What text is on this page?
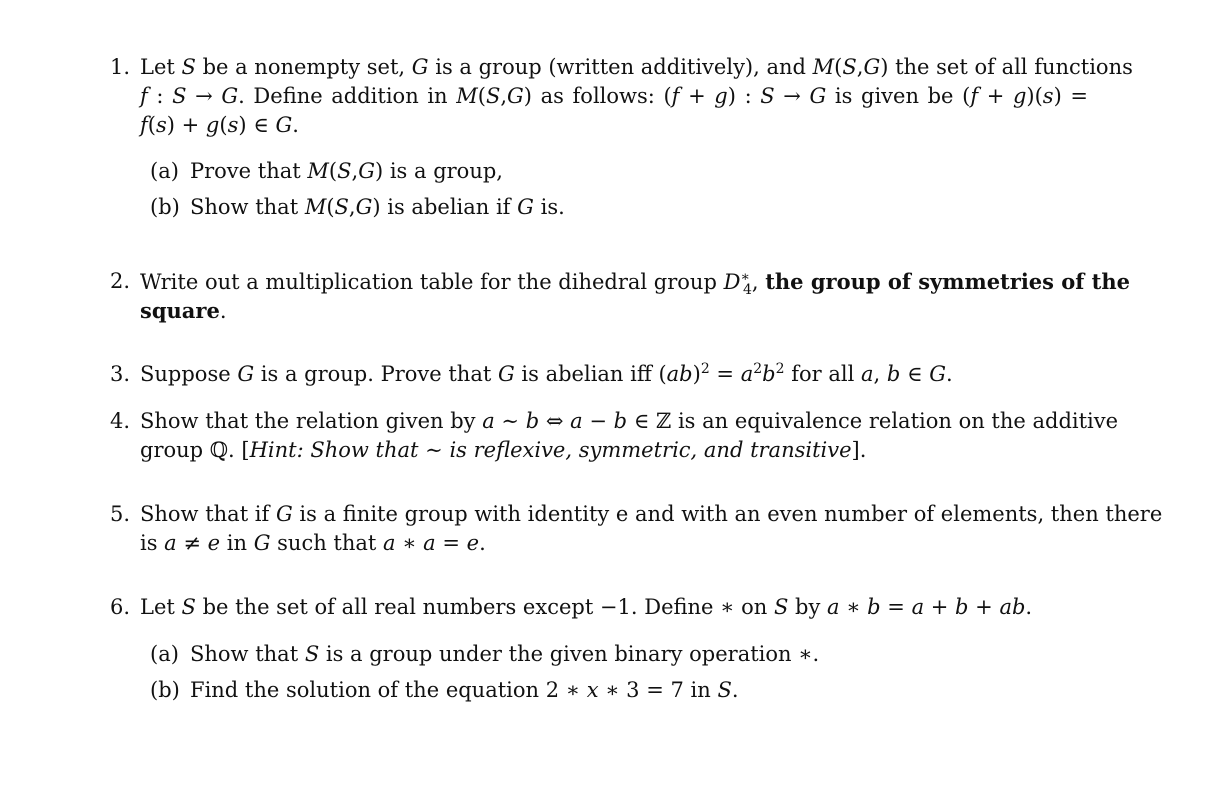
1. Let S be a nonempty set, G is a group (written additively), and M(S,G) the set of all functions
f : S → G. Define addition in M(S,G) as follows: (f + g) : S → G is given be (f + g)(s) =
f(s) + g(s) ∈ G.
(a) Prove that M(S,G) is a group,
(b) Show that M(S,G) is abelian if G is.
2. Write out a multiplication table for the dihedral group $D^∗_4$, the group of symmetries of the
square.
3. Suppose G is a group. Prove that G is abelian iff $(ab)^2 = a^2b^2$ for all a, b ∈ G.
4. Show that the relation given by a ∼ b ⇔ a − b ∈ ℤ is an equivalence relation on the additive
group ℚ. [Hint: Show that ∼ is reflexive, symmetric, and transitive].
5. Show that if G is a finite group with identity e and with an even number of elements, then there
is a ≠ e in G such that a ∗ a = e.
6. Let S be the set of all real numbers except −1. Define ∗ on S by a ∗ b = a + b + ab.
(a) Show that S is a group under the given binary operation ∗.
(b) Find the solution of the equation 2 ∗ x ∗ 3 = 7 in S.
